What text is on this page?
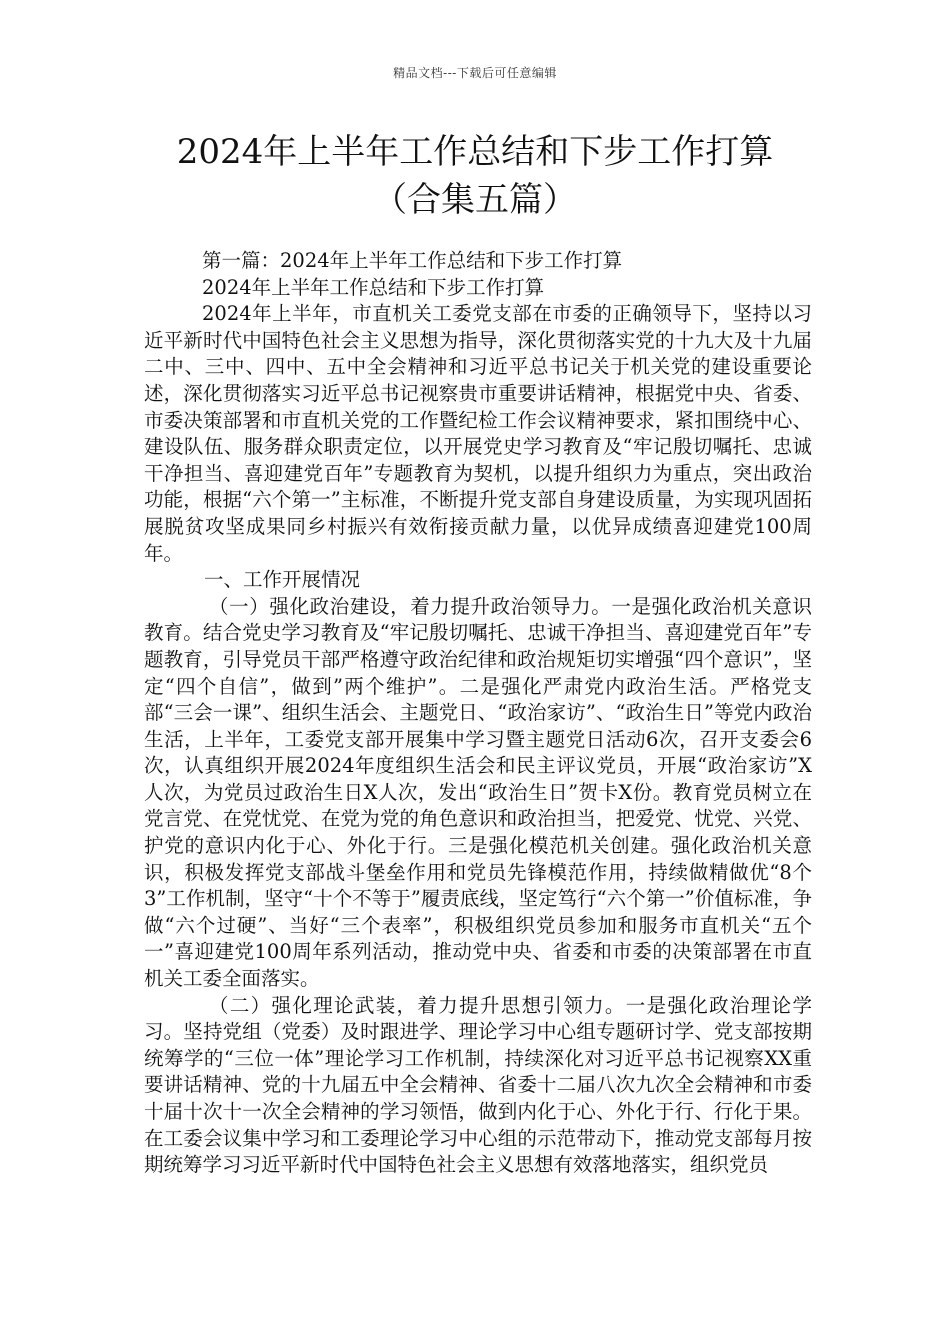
精品文档---下载后可任意编辑
2024年上半年工作总结和下步工作打算
（合集五篇）

第一篇：2024年上半年工作总结和下步工作打算

2024年上半年工作总结和下步工作打算

2024年上半年，市直机关工委党支部在市委的正确领导下，坚持以习近平新时代中国特色社会主义思想为指导，深化贯彻落实党的十九大及十九届二中、三中、四中、五中全会精神和习近平总书记关于机关党的建设重要论述，深化贯彻落实习近平总书记视察贵市重要讲话精神，根据党中央、省委、市委决策部署和市直机关党的工作暨纪检工作会议精神要求，紧扣围绕中心、建设队伍、服务群众职责定位，以开展党史学习教育及“牢记殷切嘱托、忠诚干净担当、喜迎建党百年”专题教育为契机，以提升组织力为重点，突出政治功能，根据“六个第一”主标准，不断提升党支部自身建设质量，为实现巩固拓展脱贫攻坚成果同乡村振兴有效衔接贡献力量，以优异成绩喜迎建党100周年。

一、工作开展情况

（一）强化政治建设，着力提升政治领导力。一是强化政治机关意识教育。结合党史学习教育及“牢记殷切嘱托、忠诚干净担当、喜迎建党百年”专题教育，引导党员干部严格遵守政治纪律和政治规矩切实增强“四个意识”，坚定“四个自信”，做到”两个维护”。二是强化严肃党内政治生活。严格党支部“三会一课”、组织生活会、主题党日、“政治家访”、“政治生日”等党内政治生活，上半年，工委党支部开展集中学习暨主题党日活动6次，召开支委会6次，认真组织开展2024年度组织生活会和民主评议党员，开展“政治家访”X人次，为党员过政治生日X人次，发出“政治生日”贺卡X份。教育党员树立在党言党、在党忧党、在党为党的角色意识和政治担当，把爱党、忧党、兴党、护党的意识内化于心、外化于行。三是强化模范机关创建。强化政治机关意识，积极发挥党支部战斗堡垒作用和党员先锋模范作用，持续做精做优“8个3”工作机制，坚守“十个不等于”履责底线，坚定笃行“六个第一”价值标准，争做“六个过硬”、当好“三个表率”，积极组织党员参加和服务市直机关“五个一”喜迎建党100周年系列活动，推动党中央、省委和市委的决策部署在市直机关工委全面落实。

（二）强化理论武装，着力提升思想引领力。一是强化政治理论学习。坚持党组（党委）及时跟进学、理论学习中心组专题研讨学、党支部按期统筹学的“三位一体”理论学习工作机制，持续深化对习近平总书记视察XX重要讲话精神、党的十九届五中全会精神、省委十二届八次九次全会精神和市委十届十次十一次全会精神的学习领悟，做到内化于心、外化于行、行化于果。在工委会议集中学习和工委理论学习中心组的示范带动下，推动党支部每月按期统筹学习习近平新时代中国特色社会主义思想有效落地落实，组织党员
